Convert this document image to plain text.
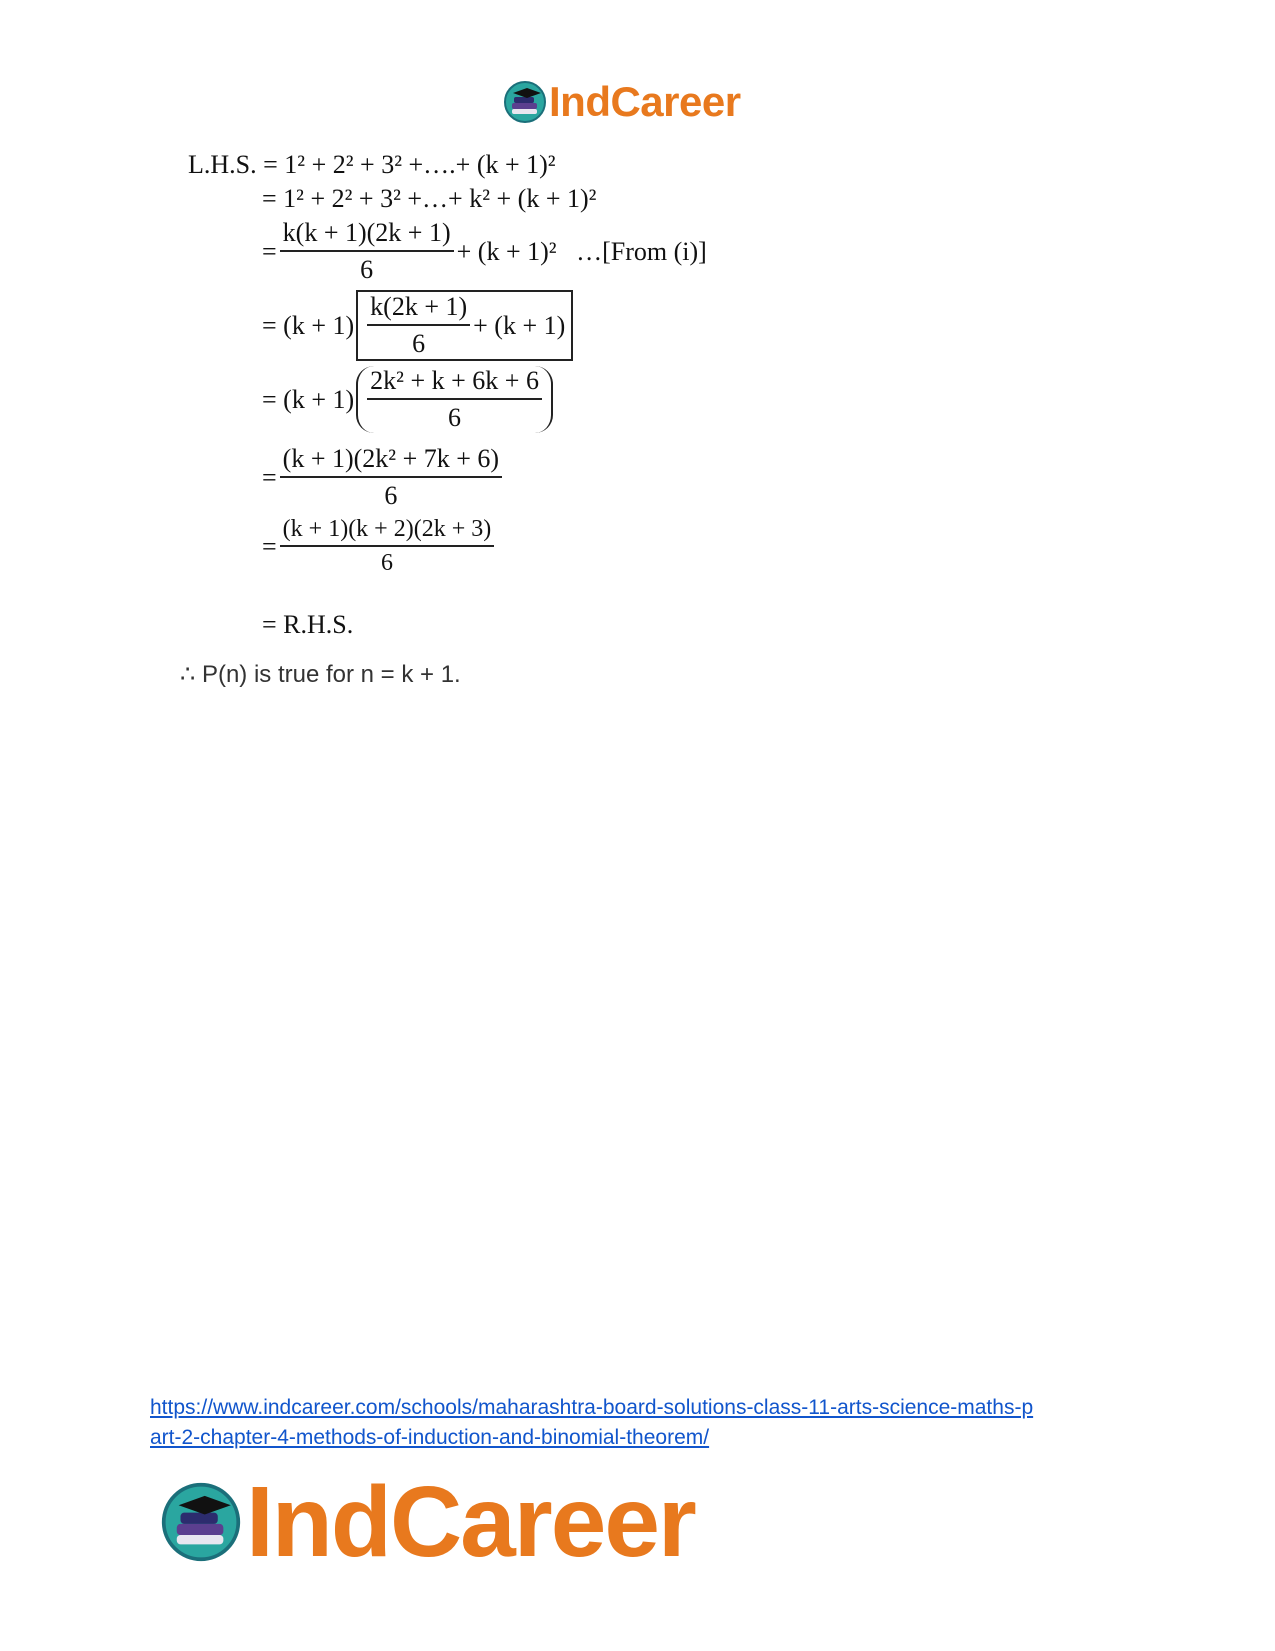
IndCareer
L.H.S. =
1² + 2² + 3² +….+ (k + 1)²
= 1² + 2² + 3² +…+ k² + (k + 1)²
= $\frac{k(k + 1)(2k + 1)}{6} + (k + 1)^2$
…[From (i)]
= $(k + 1) \frac{k(2k + 1)}{6} + (k + 1)$
= $(k + 1) \frac{\text{2k² + k + 6k + 6}}{6}$
= $\frac{\text{(k + 1)(2k² + 7k + 6)}}{6}$
= $\frac{(k + 1)(k + 2)(2k + 3)}{6}$
= R.H.S.
∴ P(n) is true for n = k + 1.
https://www.indcareer.com/schools/maharashtra-board-solutions-class-11-arts-science-maths-p
art-2-chapter-4-methods-of-induction-and-binomial-theorem/
IndCareer
